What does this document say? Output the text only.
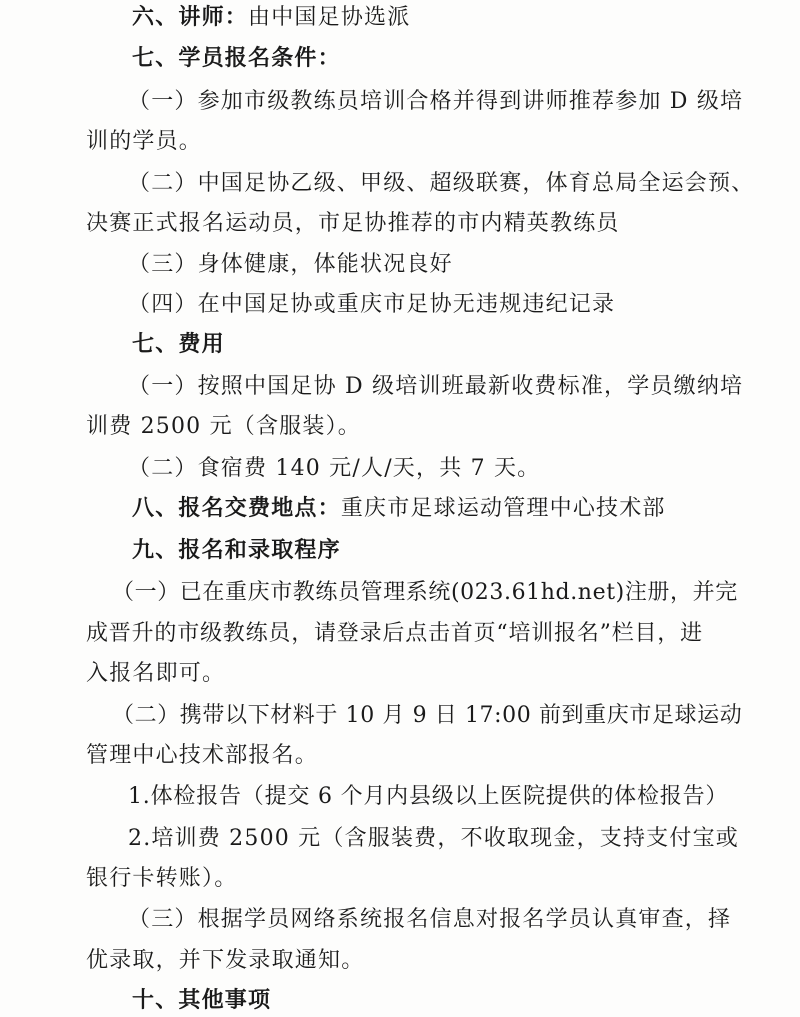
六、讲师：由中国足协选派
七、学员报名条件：
（一）参加市级教练员培训合格并得到讲师推荐参加 D 级培
训的学员。
（二）中国足协乙级、甲级、超级联赛，体育总局全运会预、
决赛正式报名运动员，市足协推荐的市内精英教练员
（三）身体健康，体能状况良好
（四）在中国足协或重庆市足协无违规违纪记录
七、费用
（一）按照中国足协 D 级培训班最新收费标准，学员缴纳培
训费 2500 元（含服装）。
（二）食宿费 140 元/人/天，共 7 天。
八、报名交费地点：重庆市足球运动管理中心技术部
九、报名和录取程序
（一）已在重庆市教练员管理系统(023.61hd.net)注册，并完
成晋升的市级教练员，请登录后点击首页“培训报名”栏目，进
入报名即可。
（二）携带以下材料于 10 月 9 日 17:00 前到重庆市足球运动
管理中心技术部报名。
1.体检报告（提交 6 个月内县级以上医院提供的体检报告）
2.培训费 2500 元（含服装费，不收取现金，支持支付宝或
银行卡转账）。
（三）根据学员网络系统报名信息对报名学员认真审查，择
优录取，并下发录取通知。
十、其他事项
